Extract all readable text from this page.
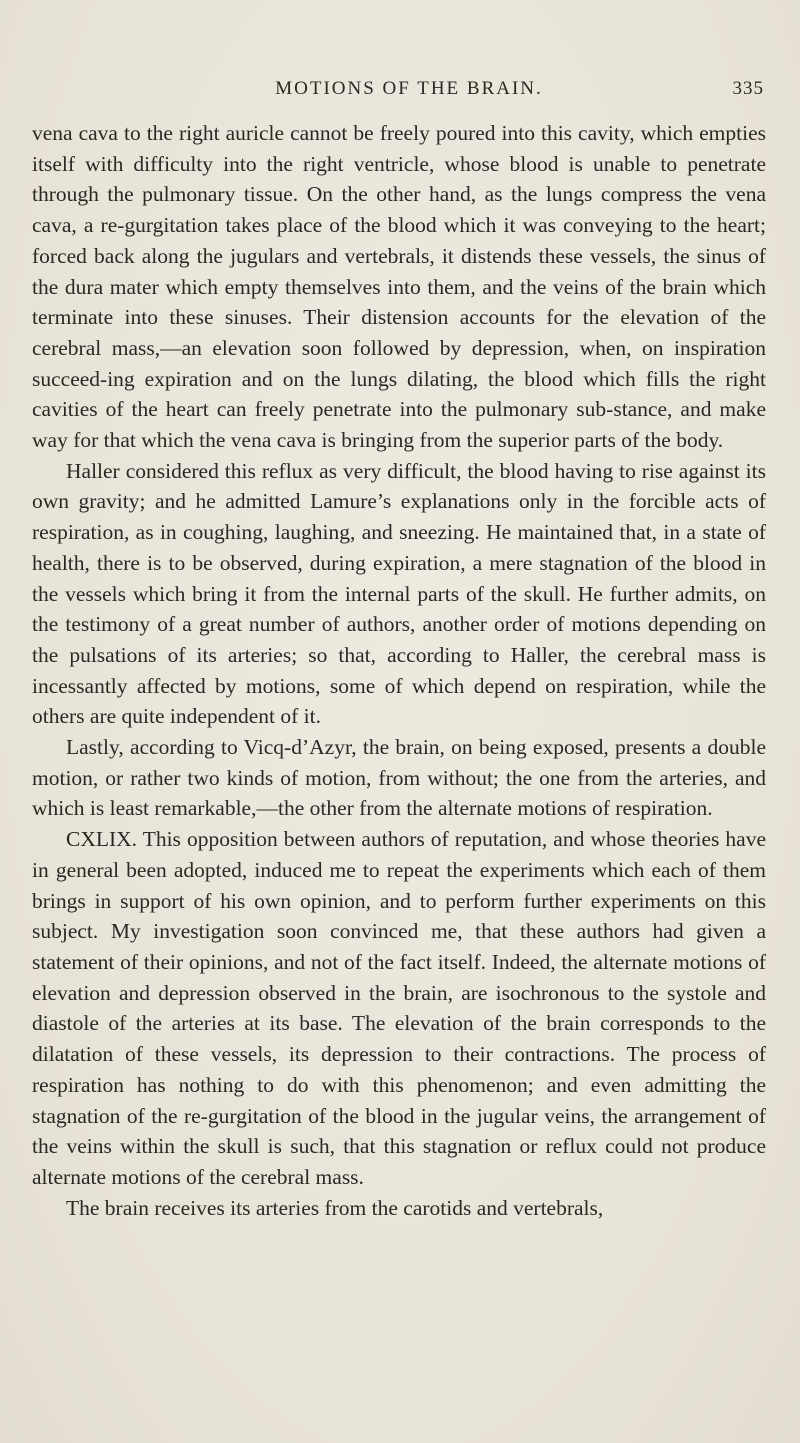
MOTIONS OF THE BRAIN.	335

vena cava to the right auricle cannot be freely poured into this cavity, which empties itself with difficulty into the right ventricle, whose blood is unable to penetrate through the pulmonary tissue. On the other hand, as the lungs compress the vena cava, a re-gurgitation takes place of the blood which it was conveying to the heart; forced back along the jugulars and vertebrals, it distends these vessels, the sinus of the dura mater which empty themselves into them, and the veins of the brain which terminate into these sinuses. Their distension accounts for the elevation of the cerebral mass,—an elevation soon followed by depression, when, on inspiration succeed-ing expiration and on the lungs dilating, the blood which fills the right cavities of the heart can freely penetrate into the pulmonary sub-stance, and make way for that which the vena cava is bringing from the superior parts of the body.

Haller considered this reflux as very difficult, the blood having to rise against its own gravity; and he admitted Lamure’s explanations only in the forcible acts of respiration, as in coughing, laughing, and sneezing. He maintained that, in a state of health, there is to be observed, during expiration, a mere stagnation of the blood in the vessels which bring it from the internal parts of the skull. He further admits, on the testimony of a great number of authors, another order of motions depending on the pulsations of its arteries; so that, according to Haller, the cerebral mass is incessantly affected by motions, some of which depend on respiration, while the others are quite independent of it.

Lastly, according to Vicq-d’Azyr, the brain, on being exposed, presents a double motion, or rather two kinds of motion, from without; the one from the arteries, and which is least remarkable,—the other from the alternate motions of respiration.

CXLIX. This opposition between authors of reputation, and whose theories have in general been adopted, induced me to repeat the experiments which each of them brings in support of his own opinion, and to perform further experiments on this subject. My investigation soon convinced me, that these authors had given a statement of their opinions, and not of the fact itself. Indeed, the alternate motions of elevation and depression observed in the brain, are isochronous to the systole and diastole of the arteries at its base. The elevation of the brain corresponds to the dilatation of these vessels, its depression to their contractions. The process of respiration has nothing to do with this phenomenon; and even admitting the stagnation of the re-gurgitation of the blood in the jugular veins, the arrangement of the veins within the skull is such, that this stagnation or reflux could not produce alternate motions of the cerebral mass.

The brain receives its arteries from the carotids and vertebrals,
